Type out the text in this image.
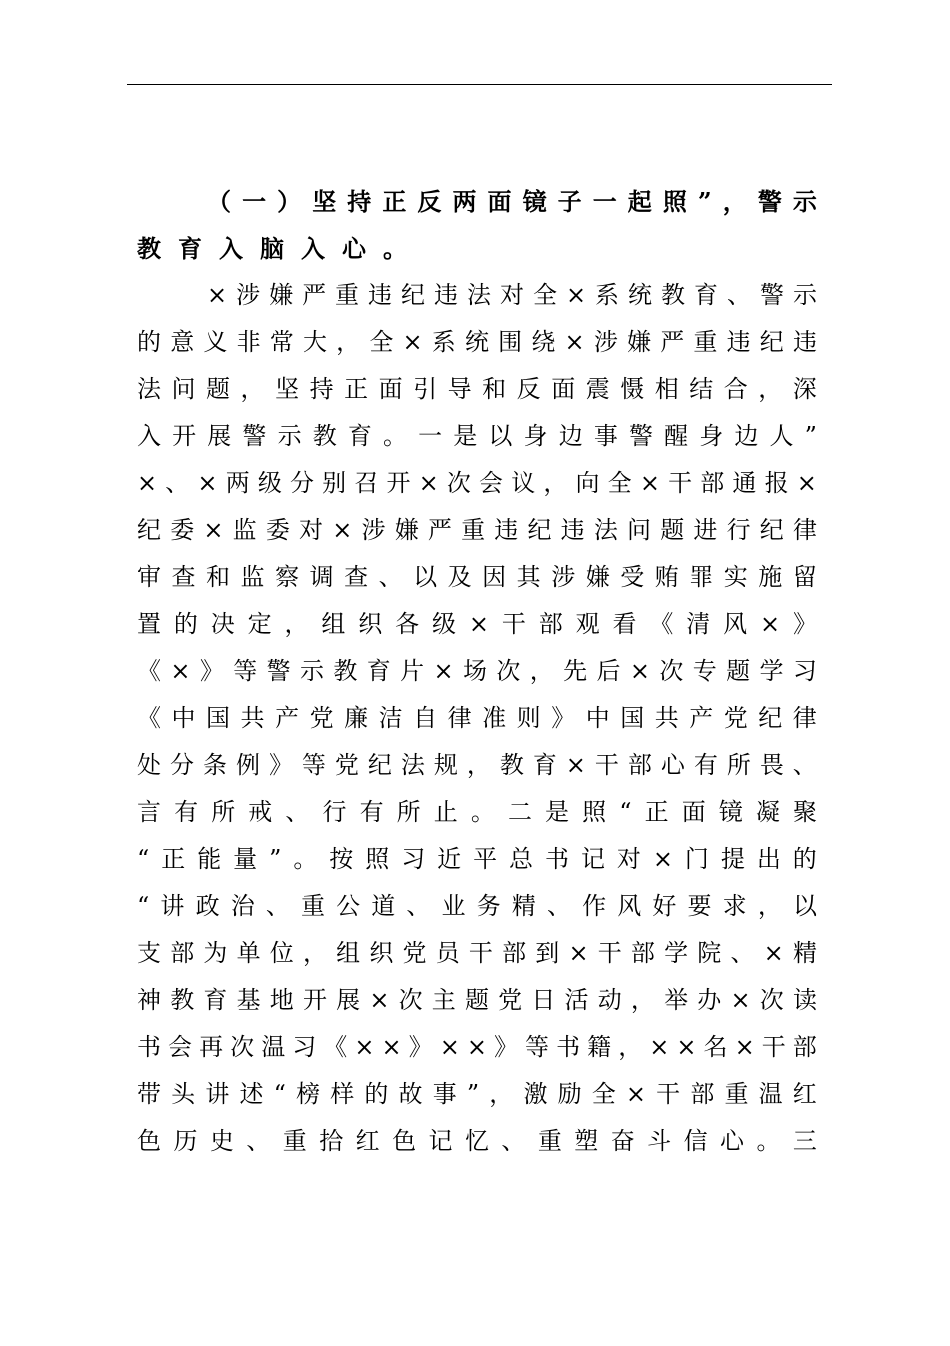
（ 一 ） 坚 持 正 反 两 面 镜 子 一 起 照 ” ， 警 示
教 育 入 脑 入 心 。
× 涉 嫌 严 重 违 纪 违 法 对 全 × 系 统 教 育 、 警 示
的 意 义 非 常 大 ， 全 × 系 统 围 绕 × 涉 嫌 严 重 违 纪 违
法 问 题 ， 坚 持 正 面 引 导 和 反 面 震 慑 相 结 合 ， 深
入 开 展 警 示 教 育 。 一 是 以 身 边 事 警 醒 身 边 人 ”
× 、 × 两 级 分 别 召 开 × 次 会 议 ， 向 全 × 干 部 通 报 ×
纪 委 × 监 委 对 × 涉 嫌 严 重 违 纪 违 法 问 题 进 行 纪 律
审 查 和 监 察 调 查 、 以 及 因 其 涉 嫌 受 贿 罪 实 施 留
置 的 决 定 ， 组 织 各 级 × 干 部 观 看 《 清 风 × 》
《 × 》 等 警 示 教 育 片 × 场 次 ， 先 后 × 次 专 题 学 习
《 中 国 共 产 党 廉 洁 自 律 准 则 》 中 国 共 产 党 纪 律
处 分 条 例 》 等 党 纪 法 规 ， 教 育 × 干 部 心 有 所 畏 、
言 有 所 戒 、 行 有 所 止 。 二 是 照 “ 正 面 镜 凝 聚
“ 正 能 量 ” 。 按 照 习 近 平 总 书 记 对 × 门 提 出 的
“ 讲 政 治 、 重 公 道 、 业 务 精 、 作 风 好 要 求 ， 以
支 部 为 单 位 ， 组 织 党 员 干 部 到 × 干 部 学 院 、 × 精
神 教 育 基 地 开 展 × 次 主 题 党 日 活 动 ， 举 办 × 次 读
书 会 再 次 温 习 《 × × 》 × × 》 等 书 籍 ， × × 名 × 干 部
带 头 讲 述 “ 榜 样 的 故 事 ” ， 激 励 全 × 干 部 重 温 红
色 历 史 、 重 拾 红 色 记 忆 、 重 塑 奋 斗 信 心 。 三
